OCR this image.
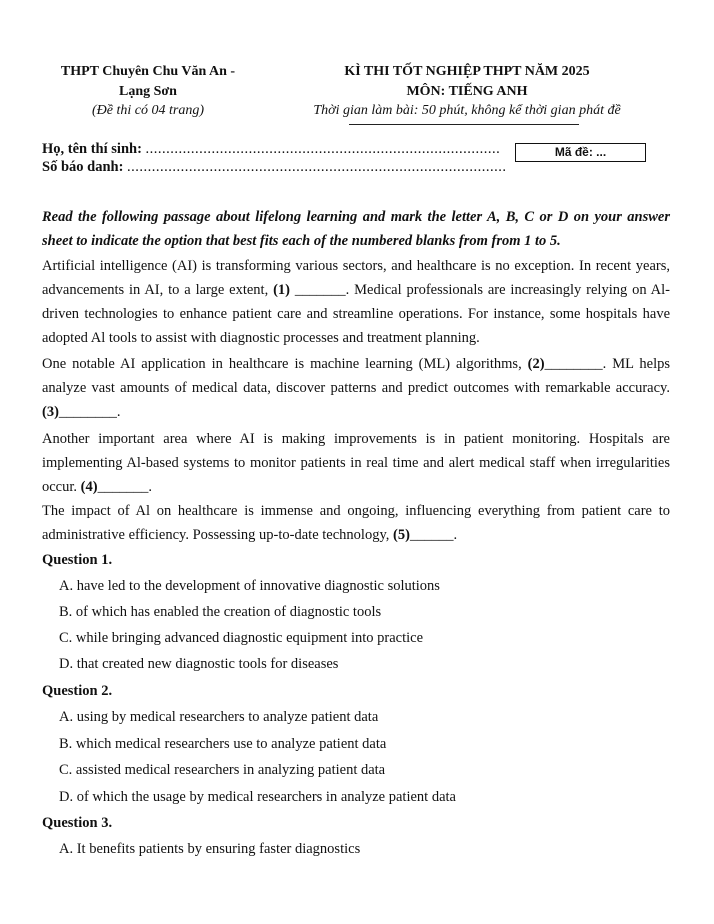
THPT Chuyên Chu Văn An -
Lạng Sơn
(Đề thi có 04 trang)
KÌ THI TỐT NGHIỆP THPT NĂM 2025
MÔN: TIẾNG ANH
Thời gian làm bài: 50 phút, không kể thời gian phát đề
Họ, tên thí sinh: ......................................................................................
Số báo danh: ............................................................................................
Mã đề: ...

Read the following passage about lifelong learning and mark the letter A, B, C or D on your answer sheet to indicate the option that best fits each of the numbered blanks from from 1 to 5.

Artificial intelligence (AI) is transforming various sectors, and healthcare is no exception. In recent years, advancements in AI, to a large extent, (1) _______. Medical professionals are increasingly relying on Al-driven technologies to enhance patient care and streamline operations. For instance, some hospitals have adopted Al tools to assist with diagnostic processes and treatment planning.

One notable AI application in healthcare is machine learning (ML) algorithms, (2)________. ML helps analyze vast amounts of medical data, discover patterns and predict outcomes with remarkable accuracy. (3)________.

Another important area where AI is making improvements is in patient monitoring. Hospitals are implementing Al-based systems to monitor patients in real time and alert medical staff when irregularities occur. (4)_______.

The impact of Al on healthcare is immense and ongoing, influencing everything from patient care to administrative efficiency. Possessing up-to-date technology, (5)______.

Question 1.
A. have led to the development of innovative diagnostic solutions
B. of which has enabled the creation of diagnostic tools
C. while bringing advanced diagnostic equipment into practice
D. that created new diagnostic tools for diseases
Question 2.
A. using by medical researchers to analyze patient data
B. which medical researchers use to analyze patient data
C. assisted medical researchers in analyzing patient data
D. of which the usage by medical researchers in analyze patient data
Question 3.
A. It benefits patients by ensuring faster diagnostics
